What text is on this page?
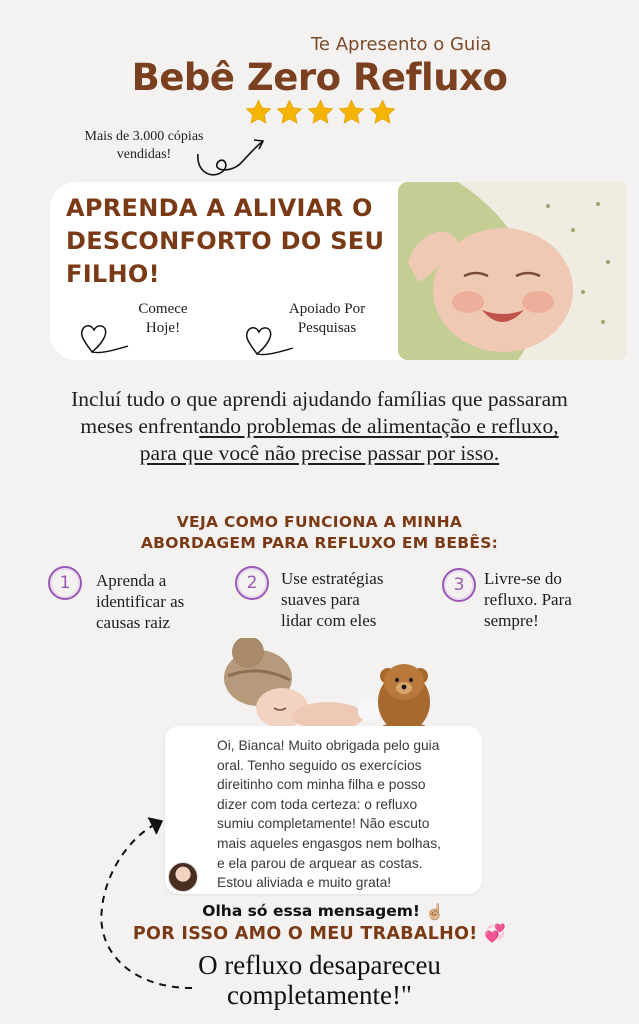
Te Apresento o Guia
Bebê Zero Refluxo
Mais de 3.000 cópias
vendidas!
APRENDA A ALIVIAR O
DESCONFORTO DO SEU
FILHO!
Comece
Hoje!
Apoiado Por
Pesquisas
Incluí tudo o que aprendi ajudando famílias que passaram
meses enfrentando problemas de alimentação e refluxo,
para que você não precise passar por isso.
VEJA COMO FUNCIONA A MINHA
ABORDAGEM PARA REFLUXO EM BEBÊS:
1	Aprenda a
identificar as
causas raiz
2	Use estratégias
suaves para
lidar com eles
3	Livre-se do
refluxo. Para
sempre!
Oi, Bianca! Muito obrigada pelo guia
oral. Tenho seguido os exercícios
direitinho com minha filha e posso
dizer com toda certeza: o refluxo
sumiu completamente! Não escuto
mais aqueles engasgos nem bolhas,
e ela parou de arquear as costas.
Estou aliviada e muito grata!
Olha só essa mensagem! ☝🏼
POR ISSO AMO O MEU TRABALHO! 💞
O refluxo desapareceu
completamente!"
